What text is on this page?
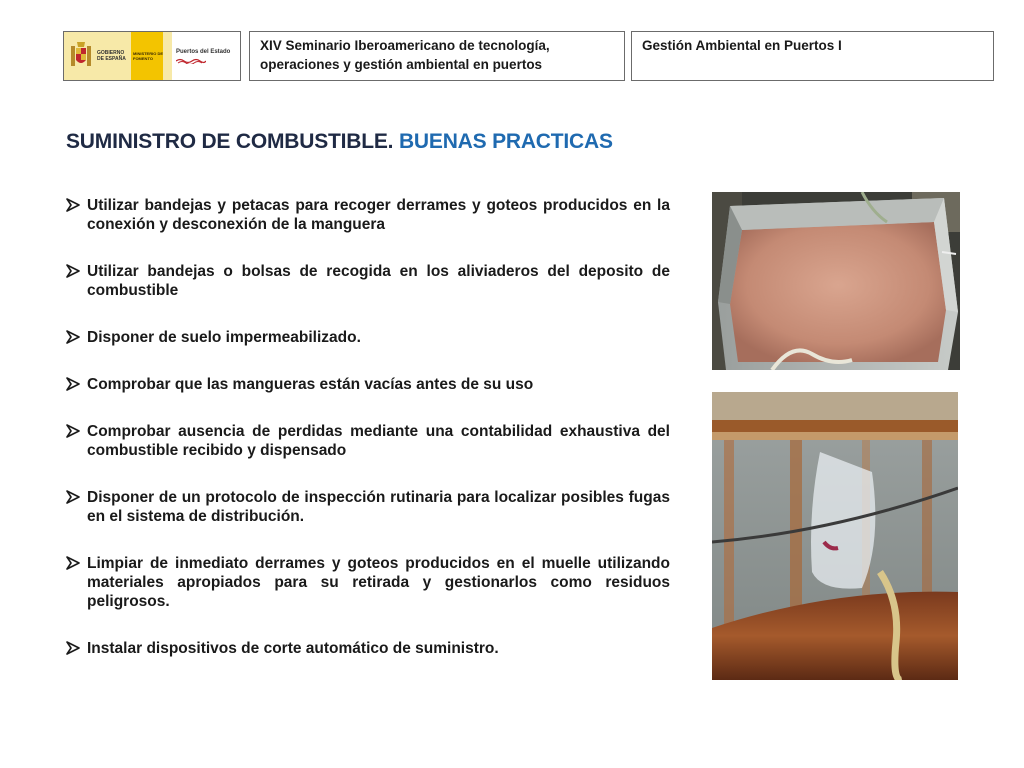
GOBIERNO DE ESPAÑA
MINISTERIO DE FOMENTO
Puertos del Estado	XIV Seminario Iberoamericano de tecnología, operaciones y gestión ambiental en puertos
Gestión Ambiental en Puertos I
SUMINISTRO DE COMBUSTIBLE. BUENAS PRACTICAS
Utilizar bandejas y petacas para recoger derrames y goteos producidos en la conexión y desconexión de la manguera
Utilizar bandejas o bolsas de recogida en los aliviaderos del deposito de combustible
Disponer de suelo impermeabilizado.
Comprobar que las mangueras están vacías antes de su uso
Comprobar ausencia de perdidas mediante una contabilidad exhaustiva del combustible recibido y dispensado
Disponer de un protocolo de inspección rutinaria para localizar posibles fugas en el sistema de distribución.
Limpiar de inmediato derrames y goteos producidos en el muelle utilizando materiales apropiados para su retirada y gestionarlos como residuos peligrosos.
Instalar dispositivos de corte automático de suministro.
